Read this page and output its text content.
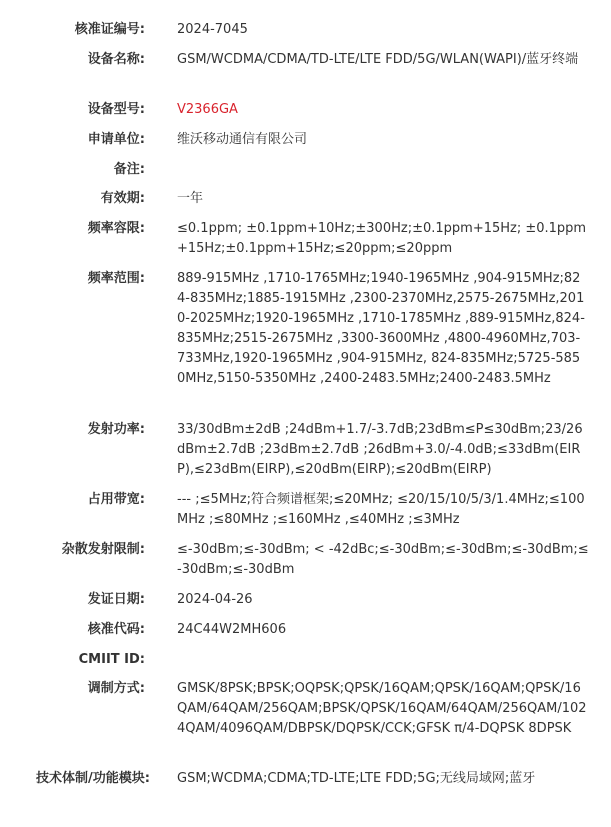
核准证编号: 2024-7045
设备名称: GSM/WCDMA/CDMA/TD-LTE/LTE FDD/5G/WLAN(WAPI)/蓝牙终端
设备型号: V2366GA
申请单位: 维沃移动通信有限公司
备注:
有效期: 一年
频率容限: ≤0.1ppm; ±0.1ppm+10Hz;±300Hz;±0.1ppm+15Hz; ±0.1ppm+15Hz;±0.1ppm+15Hz;≤20ppm;≤20ppm
频率范围: 889-915MHz ,1710-1765MHz;1940-1965MHz ,904-915MHz;824-835MHz;1885-1915MHz ,2300-2370MHz,2575-2675MHz,2010-2025MHz;1920-1965MHz ,1710-1785MHz ,889-915MHz,824-835MHz;2515-2675MHz ,3300-3600MHz ,4800-4960MHz,703-733MHz,1920-1965MHz ,904-915MHz, 824-835MHz;5725-5850MHz,5150-5350MHz ,2400-2483.5MHz;2400-2483.5MHz
发射功率: 33/30dBm±2dB ;24dBm+1.7/-3.7dB;23dBm≤P≤30dBm;23/26dBm±2.7dB ;23dBm±2.7dB ;26dBm+3.0/-4.0dB;≤33dBm(EIRP),≤23dBm(EIRP),≤20dBm(EIRP);≤20dBm(EIRP)
占用带宽: --- ;≤5MHz;符合频谱框架;≤20MHz; ≤20/15/10/5/3/1.4MHz;≤100MHz ;≤80MHz ;≤160MHz ,≤40MHz ;≤3MHz
杂散发射限制: ≤-30dBm;≤-30dBm; < -42dBc;≤-30dBm;≤-30dBm;≤-30dBm;≤-30dBm;≤-30dBm
发证日期: 2024-04-26
核准代码: 24C44W2MH606
CMIIT ID:
调制方式: GMSK/8PSK;BPSK;OQPSK;QPSK/16QAM;QPSK/16QAM;QPSK/16QAM/64QAM/256QAM;BPSK/QPSK/16QAM/64QAM/256QAM/1024QAM/4096QAM/DBPSK/DQPSK/CCK;GFSK π/4-DQPSK 8DPSK
技术体制/功能模块: GSM;WCDMA;CDMA;TD-LTE;LTE FDD;5G;无线局域网;蓝牙
